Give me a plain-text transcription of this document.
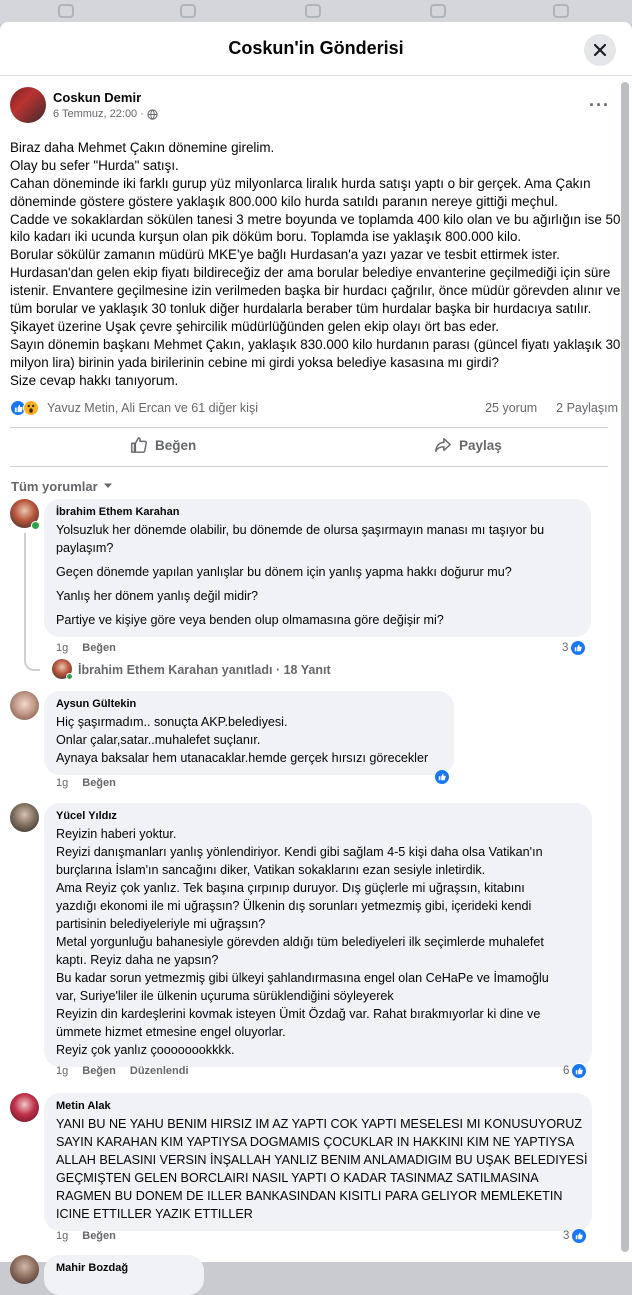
Coskun'in Gönderisi
Coskun Demir
6 Temmuz, 22:00 ·	···
Biraz daha Mehmet Çakın dönemine girelim.
Olay bu sefer "Hurda" satışı.
Cahan döneminde iki farklı gurup yüz milyonlarca liralık hurda satışı yaptı o bir gerçek. Ama Çakın
döneminde göstere göstere yaklaşık 800.000 kilo hurda satıldı paranın nereye gittiği meçhul.
Cadde ve sokaklardan sökülen tanesi 3 metre boyunda ve toplamda 400 kilo olan ve bu ağırlığın ise 50
kilo kadarı iki ucunda kurşun olan pik döküm boru. Toplamda ise yaklaşık 800.000 kilo.
Borular sökülür zamanın müdürü MKE'ye bağlı Hurdasan'a yazı yazar ve tesbit ettirmek ister.
Hurdasan'dan gelen ekip fiyatı bildireceğiz der ama borular belediye envanterine geçilmediği için süre
istenir. Envantere geçilmesine izin verilmeden başka bir hurdacı çağrılır, önce müdür görevden alınır ve
tüm borular ve yaklaşık 30 tonluk diğer hurdalarla beraber tüm hurdalar başka bir hurdacıya satılır.
Şikayet üzerine Uşak çevre şehircilik müdürlüğünden gelen ekip olayı ört bas eder.
Sayın dönemin başkanı Mehmet Çakın, yaklaşık 830.000 kilo hurdanın parası (güncel fiyatı yaklaşık 30
milyon lira) birinin yada birilerinin cebine mi girdi yoksa belediye kasasına mı girdi?
Size cevap hakkı tanıyorum.
Yavuz Metin, Ali Ercan ve 61 diğer kişi	25 yorum 2 Paylaşım
Beğen	Paylaş
Tüm yorumlar
İbrahim Ethem Karahan
Yolsuzluk her dönemde olabilir, bu dönemde de olursa şaşırmayın manası mı taşıyor bu
paylaşım?
Geçen dönemde yapılan yanlışlar bu dönem için yanlış yapma hakkı doğurur mu?
Yanlış her dönem yanlış değil midir?
Partiye ve kişiye göre veya benden olup olmamasına göre değişir mi?
1g Beğen	3
İbrahim Ethem Karahan yanıtladı · 18 Yanıt
Aysun Gültekin
Hiç şaşırmadım.. sonuçta AKP.belediyesi.
Onlar çalar,satar..muhalefet suçlanır.
Aynaya baksalar hem utanacaklar.hemde gerçek hırsızı görecekler
1g Beğen
Yücel Yıldız
Reyizin haberi yoktur.
Reyizi danışmanları yanlış yönlendiriyor. Kendi gibi sağlam 4-5 kişi daha olsa Vatikan'ın
burçlarına İslam'ın sancağını diker, Vatikan sokaklarını ezan sesiyle inletirdik.
Ama Reyiz çok yanlız. Tek başına çırpınıp duruyor. Dış güçlerle mi uğraşsın, kitabını
yazdığı ekonomi ile mi uğraşsın? Ülkenin dış sorunları yetmezmiş gibi, içerideki kendi
partisinin belediyeleriyle mi uğraşsın?
Metal yorgunluğu bahanesiyle görevden aldığı tüm belediyeleri ilk seçimlerde muhalefet
kaptı. Reyiz daha ne yapsın?
Bu kadar sorun yetmezmiş gibi ülkeyi şahlandırmasına engel olan CeHaPe ve İmamoğlu
var, Suriye'liler ile ülkenin uçuruma sürüklendiğini söyleyerek
Reyizin din kardeşlerini kovmak isteyen Ümit Özdağ var. Rahat bırakmıyorlar ki dine ve
ümmete hizmet etmesine engel oluyorlar.
Reyiz çok yanlız çoooooookkkk.
1g Beğen Düzenlendi	6
Metin Alak
YANI BU NE YAHU BENIM HIRSIZ IM AZ YAPTI COK YAPTI MESELESI MI KONUSUYORUZ
SAYIN KARAHAN KIM YAPTIYSA DOGMAMIS ÇOCUKLAR IN HAKKINI KIM NE YAPTIYSA
ALLAH BELASINI VERSIN İNŞALLAH YANLIZ BENIM ANLAMADIGIM BU UŞAK BELEDIYESİ
GEÇMIŞTEN GELEN BORCLAIRI NASIL YAPTI O KADAR TASINMAZ SATILMASINA
RAGMEN BU DONEM DE ILLER BANKASINDAN KISITLI PARA GELIYOR MEMLEKETIN
ICINE ETTILLER YAZIK ETTILLER
1g Beğen	3
Mahir Bozdağ
